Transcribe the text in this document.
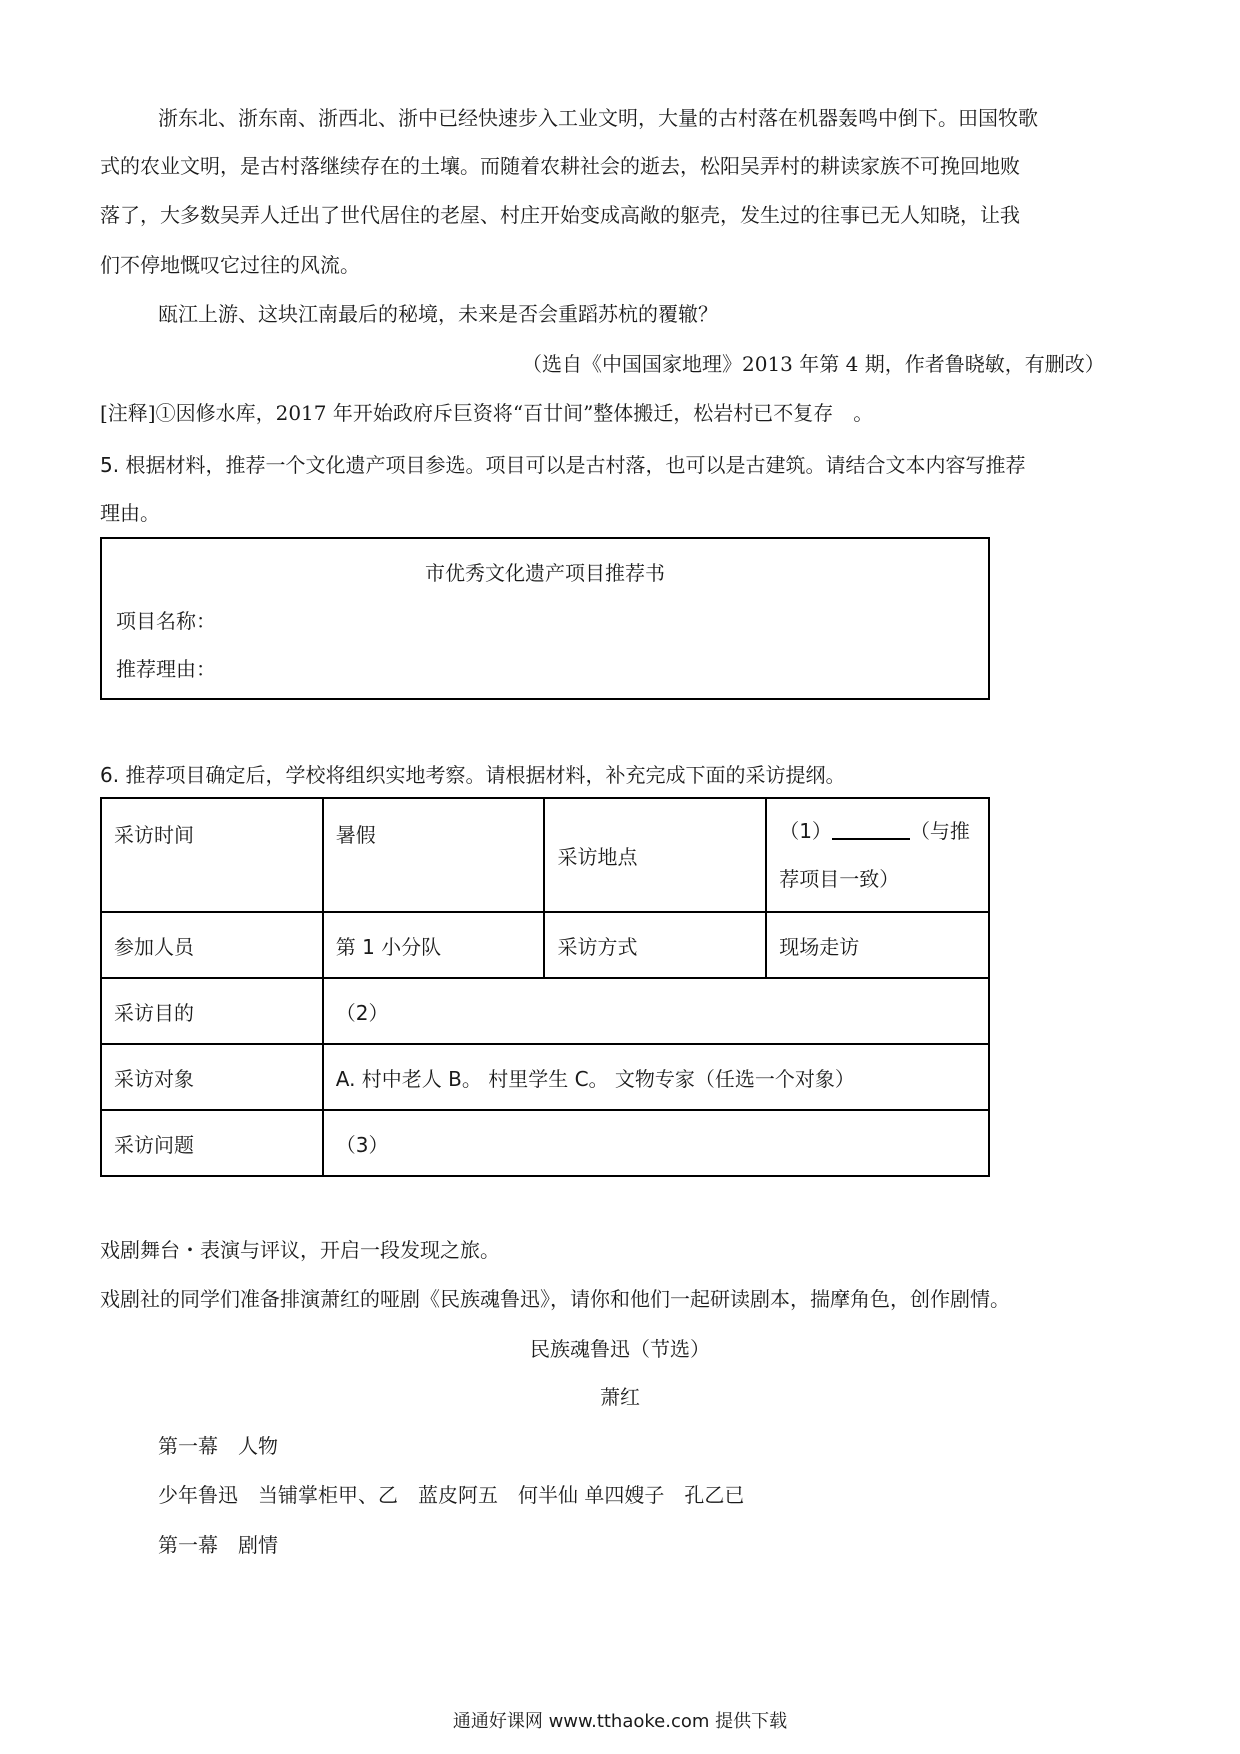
浙东北、浙东南、浙西北、浙中已经快速步入工业文明，大量的古村落在机器轰鸣中倒下。田国牧歌
式的农业文明，是古村落继续存在的土壤。而随着农耕社会的逝去，松阳吴弄村的耕读家族不可挽回地败
落了，大多数吴弄人迁出了世代居住的老屋、村庄开始变成高敞的躯壳，发生过的往事已无人知晓，让我
们不停地慨叹它过往的风流。
瓯江上游、这块江南最后的秘境，未来是否会重蹈苏杭的覆辙？
（选自《中国国家地理》2013 年第 4 期，作者鲁晓敏，有删改）
[注释]①因修水库，2017 年开始政府斥巨资将“百廿间”整体搬迁，松岩村已不复存　。
5. 根据材料，推荐一个文化遗产项目参选。项目可以是古村落，也可以是古建筑。请结合文本内容写推荐
理由。
市优秀文化遗产项目推荐书
项目名称：
推荐理由：
6. 推荐项目确定后，学校将组织实地考察。请根据材料，补充完成下面的采访提纲。
采访时间	暑假	采访地点	（1） （与推
荐项目一致）
参加人员	第 1 小分队	采访方式	现场走访
采访目的	（2）		
采访对象	A. 村中老人 B。 村里学生 C。 文物专家（任选一个对象）		
采访问题	（3）		
戏剧舞台・表演与评议，开启一段发现之旅。
戏剧社的同学们准备排演萧红的哑剧《民族魂鲁迅》，请你和他们一起研读剧本，揣摩角色，创作剧情。
民族魂鲁迅（节选）
萧红
第一幕　人物
少年鲁迅　当铺掌柜甲、乙　蓝皮阿五　何半仙 单四嫂子　孔乙已
第一幕　剧情
通通好课网 www.tthaoke.com 提供下载
